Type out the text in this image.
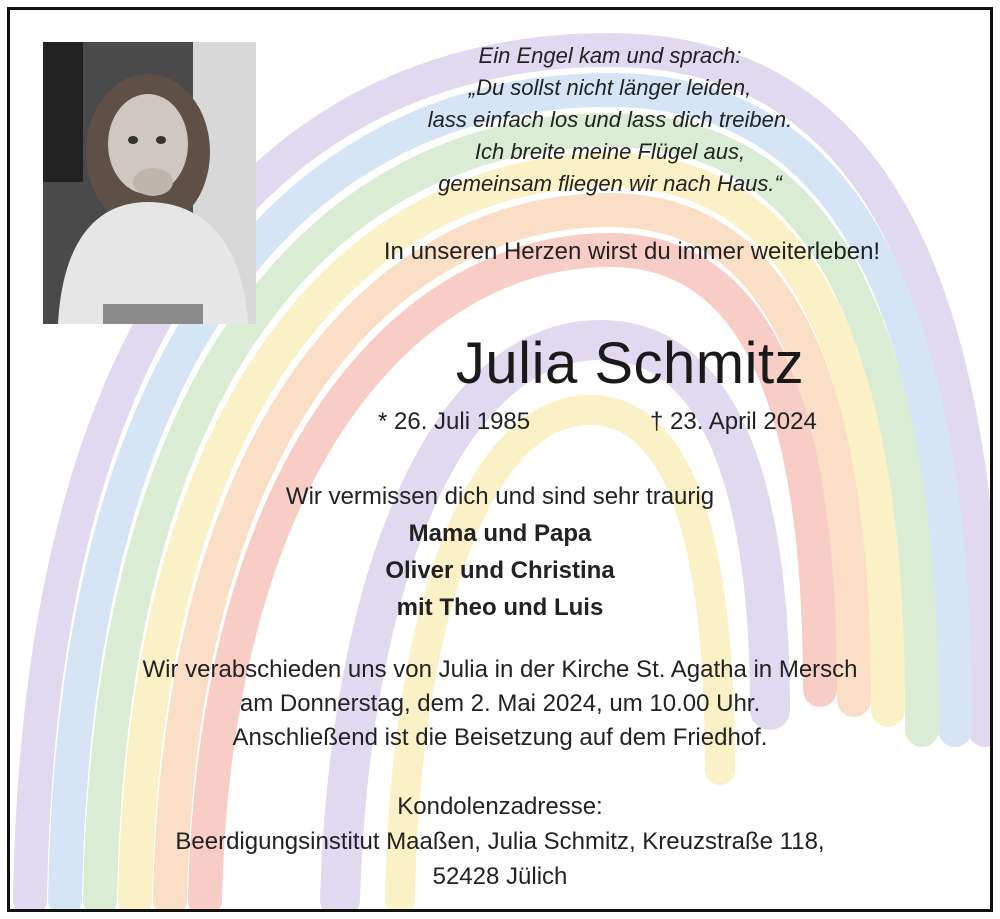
Ein Engel kam und sprach:
„Du sollst nicht länger leiden,
lass einfach los und lass dich treiben.
Ich breite meine Flügel aus,
gemeinsam fliegen wir nach Haus.“
In unseren Herzen wirst du immer weiterleben!
Julia Schmitz
* 26. Juli 1985	† 23. April 2024
Wir vermissen dich und sind sehr traurig
Mama und Papa
Oliver und Christina
mit Theo und Luis
Wir verabschieden uns von Julia in der Kirche St. Agatha in Mersch
am Donnerstag, dem 2. Mai 2024, um 10.00 Uhr.
Anschließend ist die Beisetzung auf dem Friedhof.
Kondolenzadresse:
Beerdigungsinstitut Maaßen, Julia Schmitz, Kreuzstraße 118,
52428 Jülich
